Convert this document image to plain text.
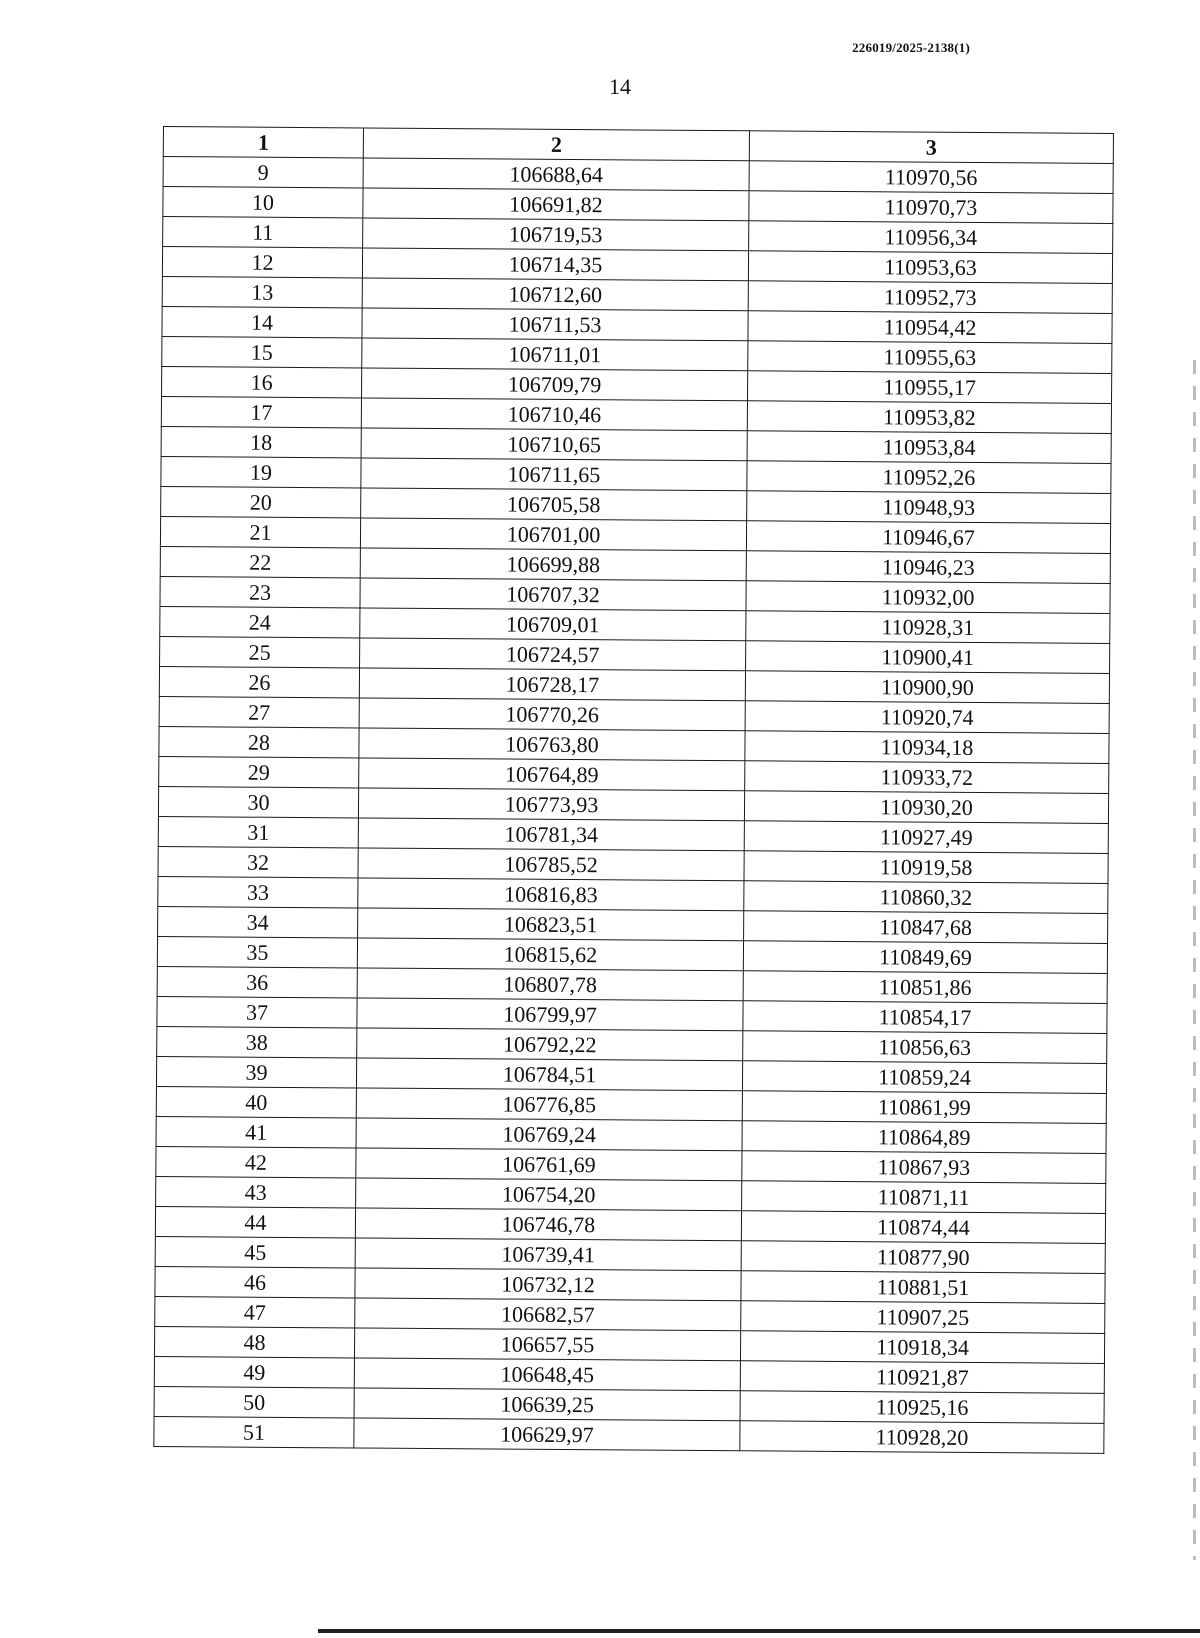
226019/2025-2138(1)
14
1	2	3
9	106688,64	110970,56
10	106691,82	110970,73
11	106719,53	110956,34
12	106714,35	110953,63
13	106712,60	110952,73
14	106711,53	110954,42
15	106711,01	110955,63
16	106709,79	110955,17
17	106710,46	110953,82
18	106710,65	110953,84
19	106711,65	110952,26
20	106705,58	110948,93
21	106701,00	110946,67
22	106699,88	110946,23
23	106707,32	110932,00
24	106709,01	110928,31
25	106724,57	110900,41
26	106728,17	110900,90
27	106770,26	110920,74
28	106763,80	110934,18
29	106764,89	110933,72
30	106773,93	110930,20
31	106781,34	110927,49
32	106785,52	110919,58
33	106816,83	110860,32
34	106823,51	110847,68
35	106815,62	110849,69
36	106807,78	110851,86
37	106799,97	110854,17
38	106792,22	110856,63
39	106784,51	110859,24
40	106776,85	110861,99
41	106769,24	110864,89
42	106761,69	110867,93
43	106754,20	110871,11
44	106746,78	110874,44
45	106739,41	110877,90
46	106732,12	110881,51
47	106682,57	110907,25
48	106657,55	110918,34
49	106648,45	110921,87
50	106639,25	110925,16
51	106629,97	110928,20
